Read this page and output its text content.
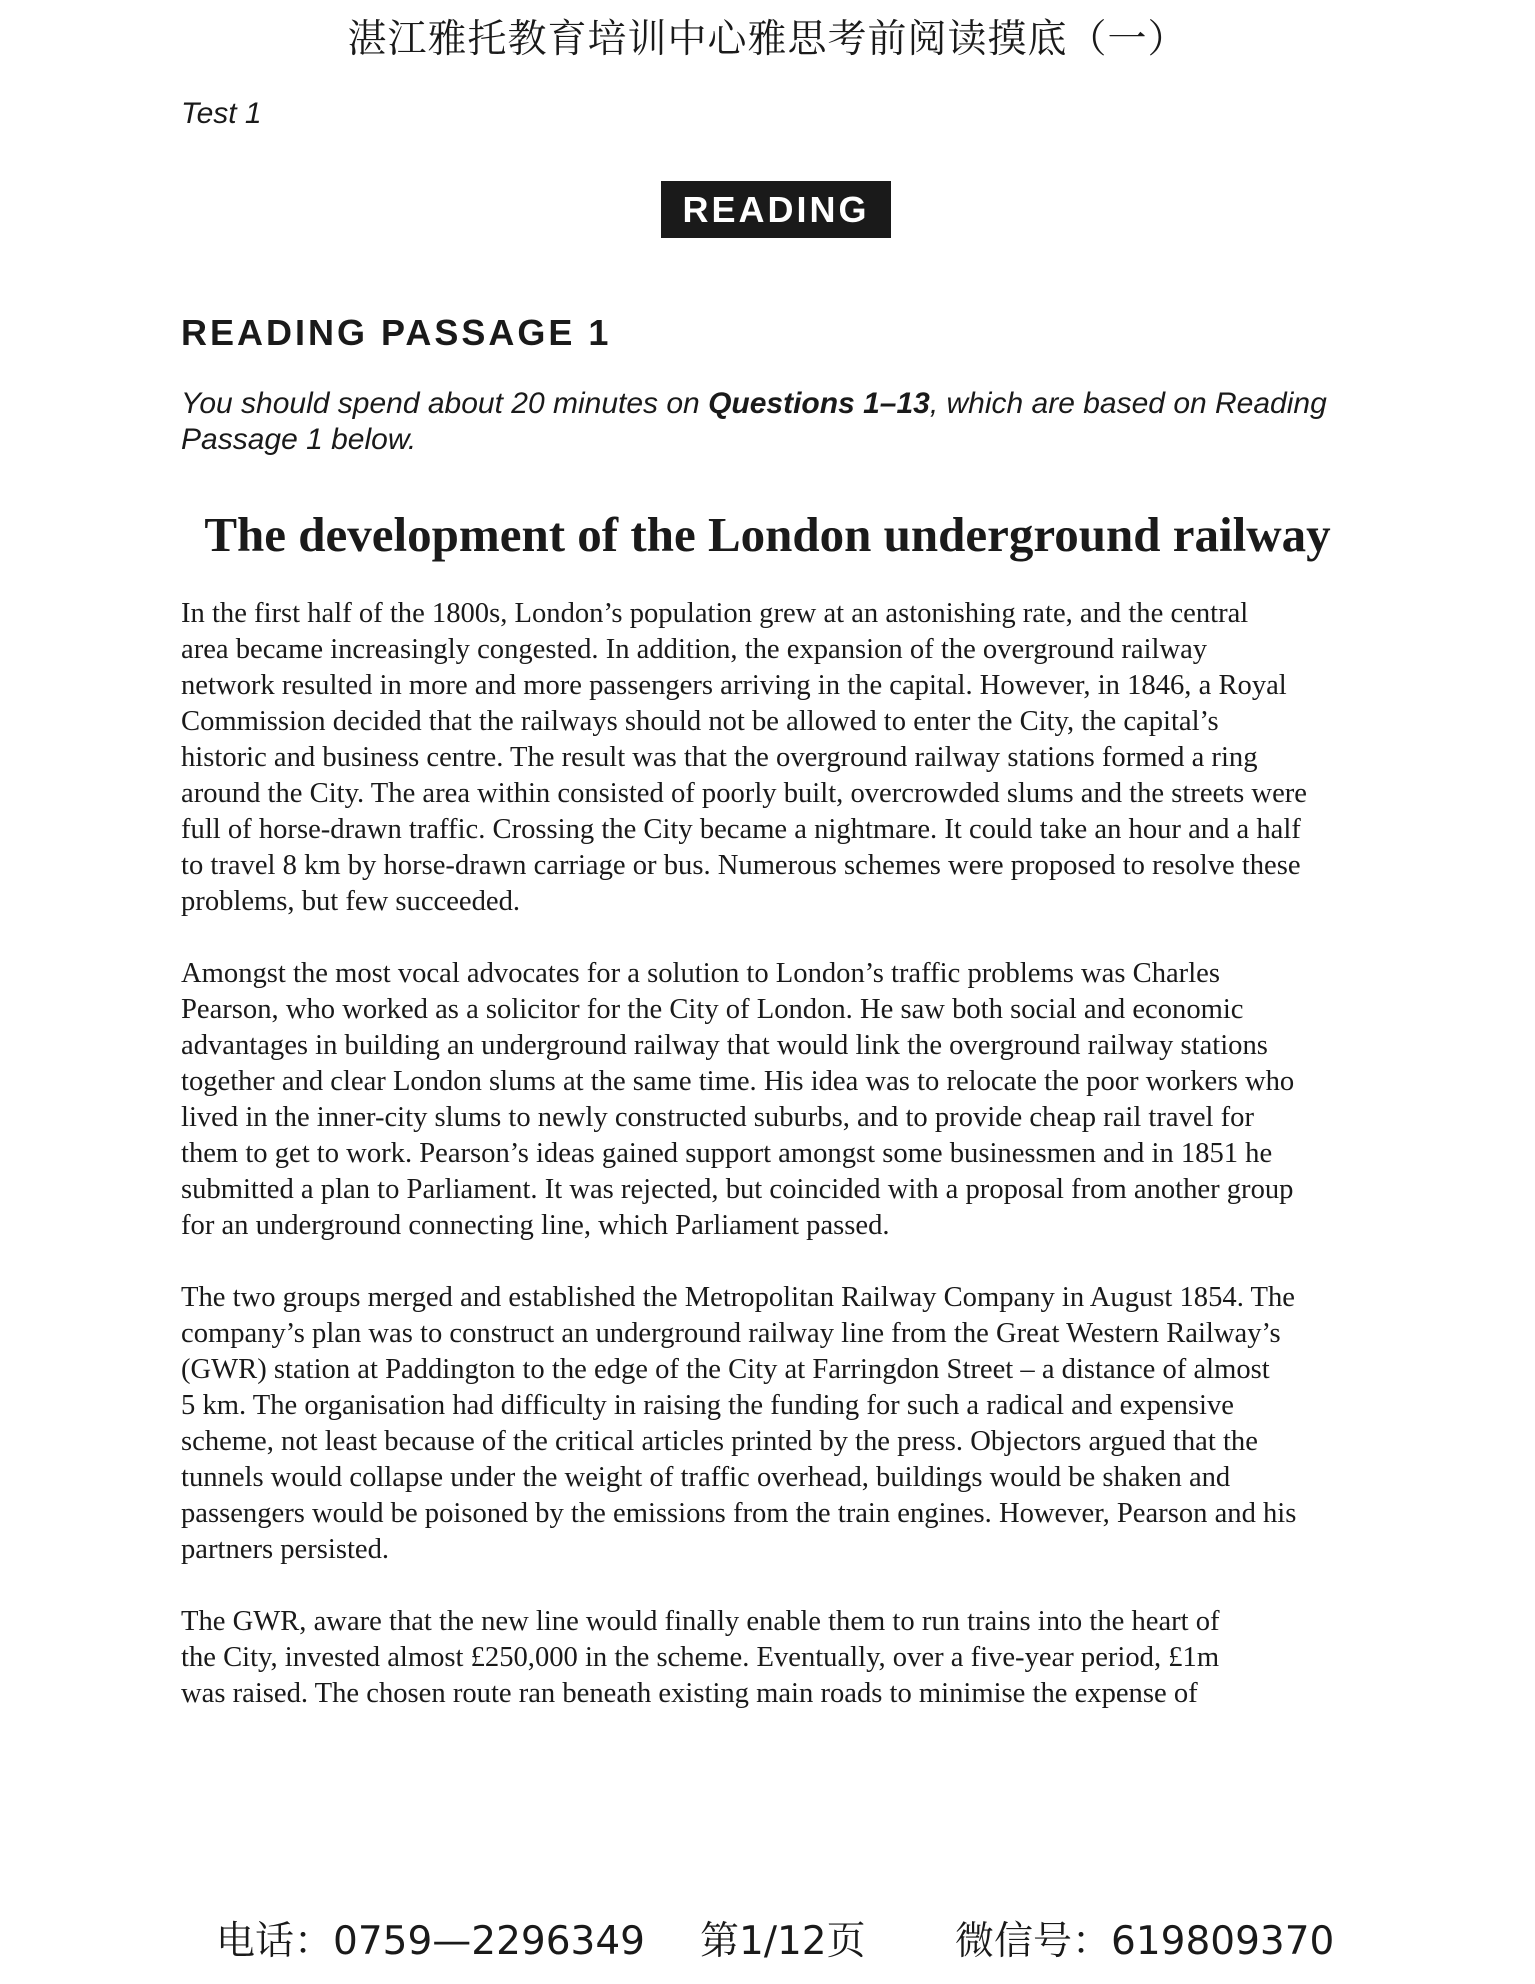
湛江雅托教育培训中心雅思考前阅读摸底（一）
Test 1
READING
READING PASSAGE 1
You should spend about 20 minutes on Questions 1–13, which are based on Reading
Passage 1 below.
The development of the London underground railway
In the first half of the 1800s, London’s population grew at an astonishing rate, and the central
area became increasingly congested. In addition, the expansion of the overground railway
network resulted in more and more passengers arriving in the capital. However, in 1846, a Royal
Commission decided that the railways should not be allowed to enter the City, the capital’s
historic and business centre. The result was that the overground railway stations formed a ring
around the City. The area within consisted of poorly built, overcrowded slums and the streets were
full of horse-drawn traffic. Crossing the City became a nightmare. It could take an hour and a half
to travel 8 km by horse-drawn carriage or bus. Numerous schemes were proposed to resolve these
problems, but few succeeded.
Amongst the most vocal advocates for a solution to London’s traffic problems was Charles
Pearson, who worked as a solicitor for the City of London. He saw both social and economic
advantages in building an underground railway that would link the overground railway stations
together and clear London slums at the same time. His idea was to relocate the poor workers who
lived in the inner-city slums to newly constructed suburbs, and to provide cheap rail travel for
them to get to work. Pearson’s ideas gained support amongst some businessmen and in 1851 he
submitted a plan to Parliament. It was rejected, but coincided with a proposal from another group
for an underground connecting line, which Parliament passed.
The two groups merged and established the Metropolitan Railway Company in August 1854. The
company’s plan was to construct an underground railway line from the Great Western Railway’s
(GWR) station at Paddington to the edge of the City at Farringdon Street – a distance of almost
5 km. The organisation had difficulty in raising the funding for such a radical and expensive
scheme, not least because of the critical articles printed by the press. Objectors argued that the
tunnels would collapse under the weight of traffic overhead, buildings would be shaken and
passengers would be poisoned by the emissions from the train engines. However, Pearson and his
partners persisted.
The GWR, aware that the new line would finally enable them to run trains into the heart of
the City, invested almost £250,000 in the scheme. Eventually, over a five-year period, £1m
was raised. The chosen route ran beneath existing main roads to minimise the expense of
电话：0759—2296349 第1/12页 微信号：619809370
